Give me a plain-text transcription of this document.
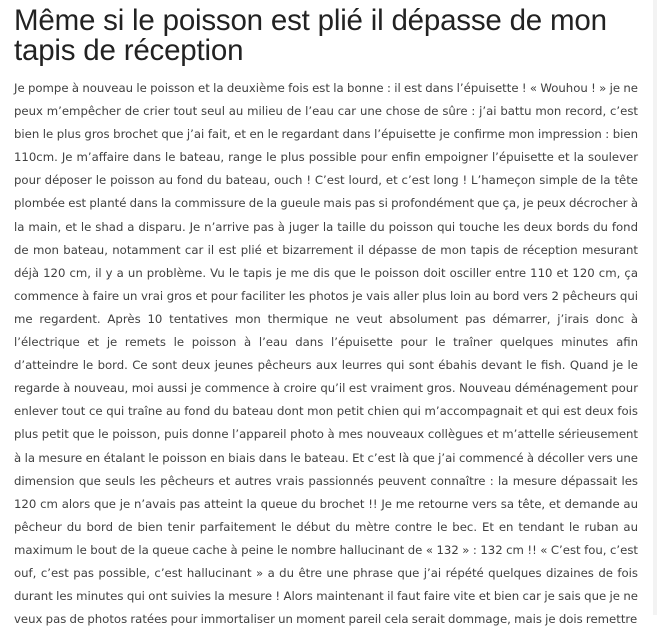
Même si le poisson est plié il dépasse de mon tapis de réception

Je pompe à nouveau le poisson et la deuxième fois est la bonne : il est dans l’épuisette ! « Wouhou ! » je ne peux m’empêcher de crier tout seul au milieu de l’eau car une chose de sûre : j’ai battu mon record, c’est bien le plus gros brochet que j’ai fait, et en le regardant dans l’épuisette je confirme mon impression : bien 110cm. Je m’affaire dans le bateau, range le plus possible pour enfin empoigner l’épuisette et la soulever pour déposer le poisson au fond du bateau, ouch ! C’est lourd, et c’est long ! L’hameçon simple de la tête plombée est planté dans la commissure de la gueule mais pas si profondément que ça, je peux décrocher à la main, et le shad a disparu. Je n’arrive pas à juger la taille du poisson qui touche les deux bords du fond de mon bateau, notamment car il est plié et bizarrement il dépasse de mon tapis de réception mesurant déjà 120 cm, il y a un problème. Vu le tapis je me dis que le poisson doit osciller entre 110 et 120 cm, ça commence à faire un vrai gros et pour faciliter les photos je vais aller plus loin au bord vers 2 pêcheurs qui me regardent. Après 10 tentatives mon thermique ne veut absolument pas démarrer, j’irais donc à l’électrique et je remets le poisson à l’eau dans l’épuisette pour le traîner quelques minutes afin d’atteindre le bord. Ce sont deux jeunes pêcheurs aux leurres qui sont ébahis devant le fish. Quand je le regarde à nouveau, moi aussi je commence à croire qu’il est vraiment gros. Nouveau déménagement pour enlever tout ce qui traîne au fond du bateau dont mon petit chien qui m’accompagnait et qui est deux fois plus petit que le poisson, puis donne l’appareil photo à mes nouveaux collègues et m’attelle sérieusement à la mesure en étalant le poisson en biais dans le bateau. Et c’est là que j’ai commencé à décoller vers une dimension que seuls les pêcheurs et autres vrais passionnés peuvent connaître : la mesure dépassait les 120 cm alors que je n’avais pas atteint la queue du brochet !! Je me retourne vers sa tête, et demande au pêcheur du bord de bien tenir parfaitement le début du mètre contre le bec. Et en tendant le ruban au maximum le bout de la queue cache à peine le nombre hallucinant de « 132 » : 132 cm !! « C’est fou, c’est ouf, c’est pas possible, c’est hallucinant » a du être une phrase que j’ai répété quelques dizaines de fois durant les minutes qui ont suivies la mesure ! Alors maintenant il faut faire vite et bien car je sais que je ne veux pas de photos ratées pour immortaliser un moment pareil cela serait dommage, mais je dois remettre
